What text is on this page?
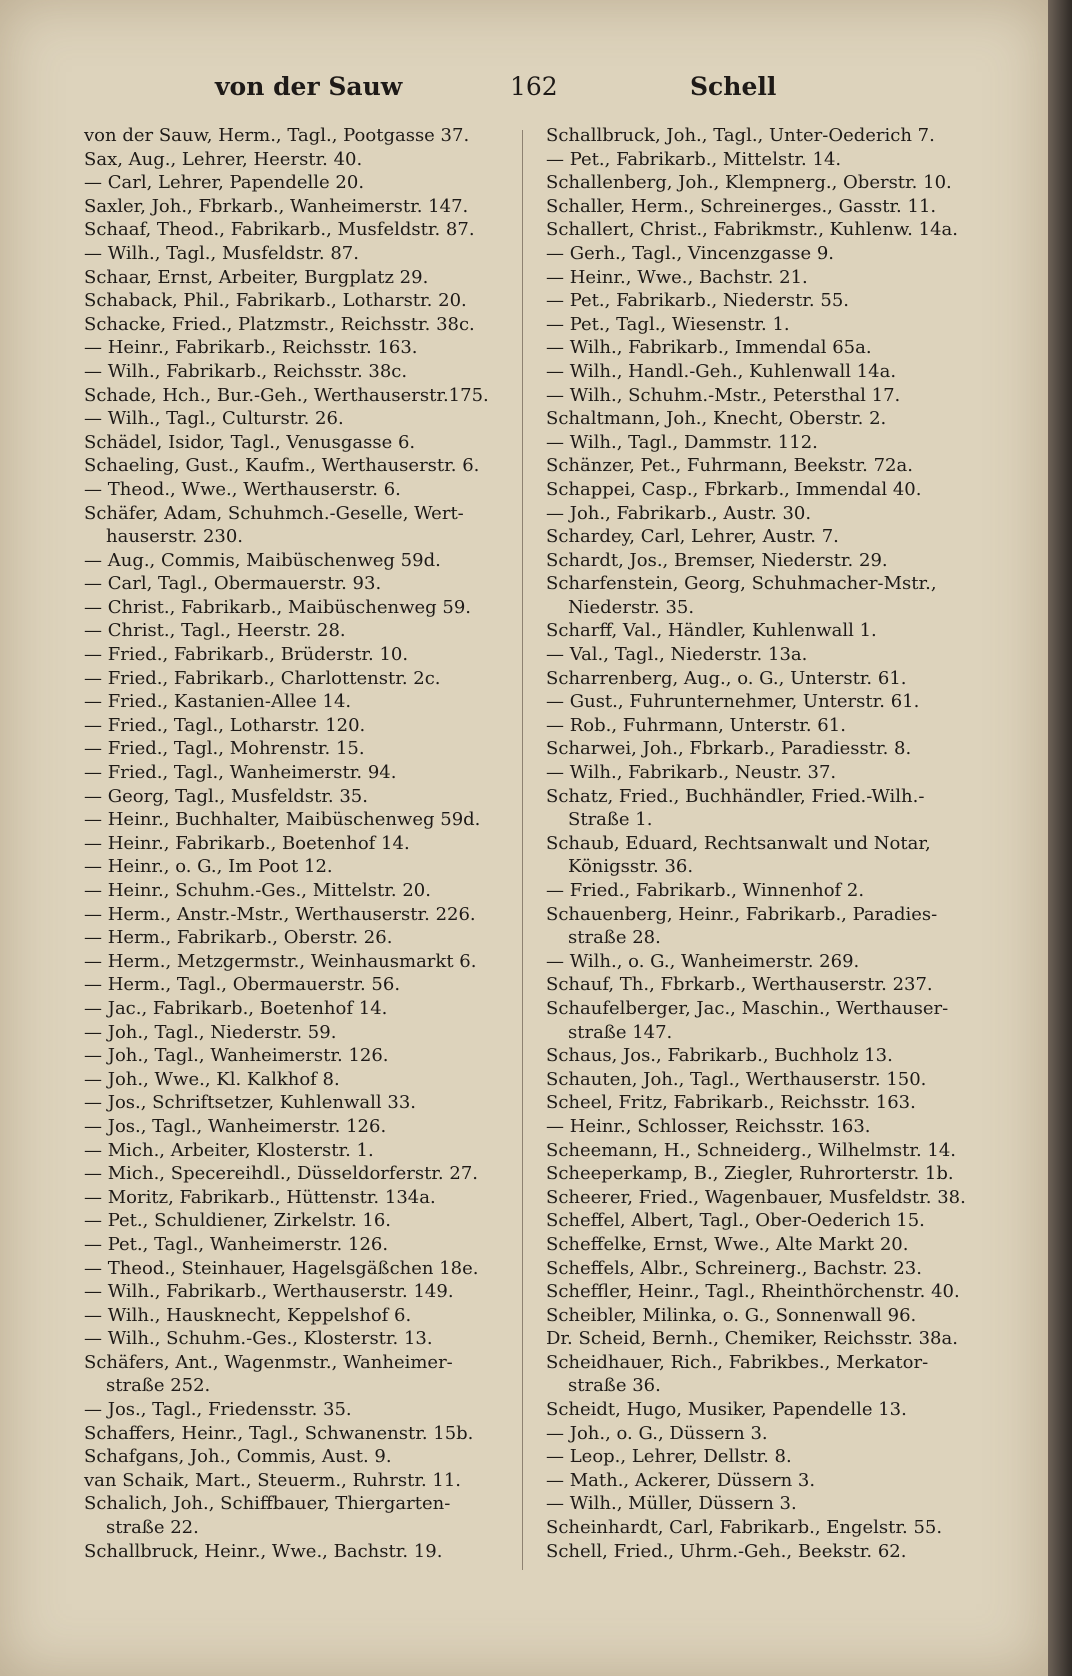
von der Sauw	162	Schell
von der Sauw, Herm., Tagl., Pootgasse 37.
Sax, Aug., Lehrer, Heerstr. 40.
— Carl, Lehrer, Papendelle 20.
Saxler, Joh., Fbrkarb., Wanheimerstr. 147.
Schaaf, Theod., Fabrikarb., Musfeldstr. 87.
— Wilh., Tagl., Musfeldstr. 87.
Schaar, Ernst, Arbeiter, Burgplatz 29.
Schaback, Phil., Fabrikarb., Lotharstr. 20.
Schacke, Fried., Platzmstr., Reichsstr. 38c.
— Heinr., Fabrikarb., Reichsstr. 163.
— Wilh., Fabrikarb., Reichsstr. 38c.
Schade, Hch., Bur.-Geh., Werthauserstr.175.
— Wilh., Tagl., Culturstr. 26.
Schädel, Isidor, Tagl., Venusgasse 6.
Schaeling, Gust., Kaufm., Werthauserstr. 6.
— Theod., Wwe., Werthauserstr. 6.
Schäfer, Adam, Schuhmch.-Geselle, Wert-
hauserstr. 230.
— Aug., Commis, Maibüschenweg 59d.
— Carl, Tagl., Obermauerstr. 93.
— Christ., Fabrikarb., Maibüschenweg 59.
— Christ., Tagl., Heerstr. 28.
— Fried., Fabrikarb., Brüderstr. 10.
— Fried., Fabrikarb., Charlottenstr. 2c.
— Fried., Kastanien-Allee 14.
— Fried., Tagl., Lotharstr. 120.
— Fried., Tagl., Mohrenstr. 15.
— Fried., Tagl., Wanheimerstr. 94.
— Georg, Tagl., Musfeldstr. 35.
— Heinr., Buchhalter, Maibüschenweg 59d.
— Heinr., Fabrikarb., Boetenhof 14.
— Heinr., o. G., Im Poot 12.
— Heinr., Schuhm.-Ges., Mittelstr. 20.
— Herm., Anstr.-Mstr., Werthauserstr. 226.
— Herm., Fabrikarb., Oberstr. 26.
— Herm., Metzgermstr., Weinhausmarkt 6.
— Herm., Tagl., Obermauerstr. 56.
— Jac., Fabrikarb., Boetenhof 14.
— Joh., Tagl., Niederstr. 59.
— Joh., Tagl., Wanheimerstr. 126.
— Joh., Wwe., Kl. Kalkhof 8.
— Jos., Schriftsetzer, Kuhlenwall 33.
— Jos., Tagl., Wanheimerstr. 126.
— Mich., Arbeiter, Klosterstr. 1.
— Mich., Specereihdl., Düsseldorferstr. 27.
— Moritz, Fabrikarb., Hüttenstr. 134a.
— Pet., Schuldiener, Zirkelstr. 16.
— Pet., Tagl., Wanheimerstr. 126.
— Theod., Steinhauer, Hagelsgäßchen 18e.
— Wilh., Fabrikarb., Werthauserstr. 149.
— Wilh., Hausknecht, Keppelshof 6.
— Wilh., Schuhm.-Ges., Klosterstr. 13.
Schäfers, Ant., Wagenmstr., Wanheimer-
straße 252.
— Jos., Tagl., Friedensstr. 35.
Schaffers, Heinr., Tagl., Schwanenstr. 15b.
Schafgans, Joh., Commis, Aust. 9.
van Schaik, Mart., Steuerm., Ruhrstr. 11.
Schalich, Joh., Schiffbauer, Thiergarten-
straße 22.
Schallbruck, Heinr., Wwe., Bachstr. 19.
Schallbruck, Joh., Tagl., Unter-Oederich 7.
— Pet., Fabrikarb., Mittelstr. 14.
Schallenberg, Joh., Klempnerg., Oberstr. 10.
Schaller, Herm., Schreinerges., Gasstr. 11.
Schallert, Christ., Fabrikmstr., Kuhlenw. 14a.
— Gerh., Tagl., Vincenzgasse 9.
— Heinr., Wwe., Bachstr. 21.
— Pet., Fabrikarb., Niederstr. 55.
— Pet., Tagl., Wiesenstr. 1.
— Wilh., Fabrikarb., Immendal 65a.
— Wilh., Handl.-Geh., Kuhlenwall 14a.
— Wilh., Schuhm.-Mstr., Petersthal 17.
Schaltmann, Joh., Knecht, Oberstr. 2.
— Wilh., Tagl., Dammstr. 112.
Schänzer, Pet., Fuhrmann, Beekstr. 72a.
Schappei, Casp., Fbrkarb., Immendal 40.
— Joh., Fabrikarb., Austr. 30.
Schardey, Carl, Lehrer, Austr. 7.
Schardt, Jos., Bremser, Niederstr. 29.
Scharfenstein, Georg, Schuhmacher-Mstr.,
Niederstr. 35.
Scharff, Val., Händler, Kuhlenwall 1.
— Val., Tagl., Niederstr. 13a.
Scharrenberg, Aug., o. G., Unterstr. 61.
— Gust., Fuhrunternehmer, Unterstr. 61.
— Rob., Fuhrmann, Unterstr. 61.
Scharwei, Joh., Fbrkarb., Paradiesstr. 8.
— Wilh., Fabrikarb., Neustr. 37.
Schatz, Fried., Buchhändler, Fried.-Wilh.-
Straße 1.
Schaub, Eduard, Rechtsanwalt und Notar,
Königsstr. 36.
— Fried., Fabrikarb., Winnenhof 2.
Schauenberg, Heinr., Fabrikarb., Paradies-
straße 28.
— Wilh., o. G., Wanheimerstr. 269.
Schauf, Th., Fbrkarb., Werthauserstr. 237.
Schaufelberger, Jac., Maschin., Werthauser-
straße 147.
Schaus, Jos., Fabrikarb., Buchholz 13.
Schauten, Joh., Tagl., Werthauserstr. 150.
Scheel, Fritz, Fabrikarb., Reichsstr. 163.
— Heinr., Schlosser, Reichsstr. 163.
Scheemann, H., Schneiderg., Wilhelmstr. 14.
Scheeperkamp, B., Ziegler, Ruhrorterstr. 1b.
Scheerer, Fried., Wagenbauer, Musfeldstr. 38.
Scheffel, Albert, Tagl., Ober-Oederich 15.
Scheffelke, Ernst, Wwe., Alte Markt 20.
Scheffels, Albr., Schreinerg., Bachstr. 23.
Scheffler, Heinr., Tagl., Rheinthörchenstr. 40.
Scheibler, Milinka, o. G., Sonnenwall 96.
Dr. Scheid, Bernh., Chemiker, Reichsstr. 38a.
Scheidhauer, Rich., Fabrikbes., Merkator-
straße 36.
Scheidt, Hugo, Musiker, Papendelle 13.
— Joh., o. G., Düssern 3.
— Leop., Lehrer, Dellstr. 8.
— Math., Ackerer, Düssern 3.
— Wilh., Müller, Düssern 3.
Scheinhardt, Carl, Fabrikarb., Engelstr. 55.
Schell, Fried., Uhrm.-Geh., Beekstr. 62.
